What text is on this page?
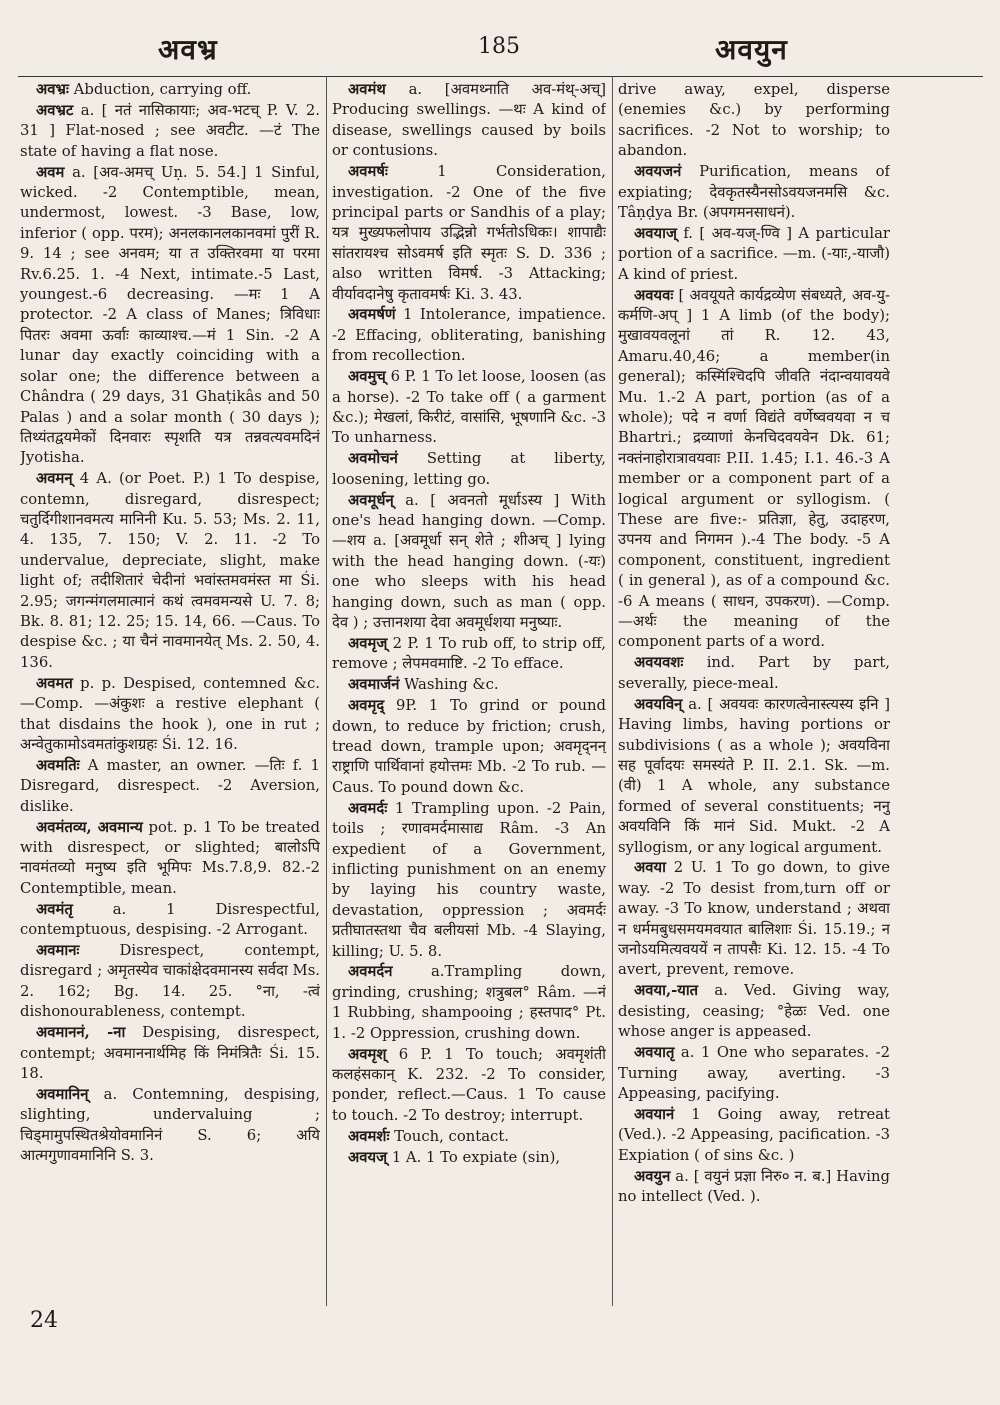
अवभ्र	185	अवयुन

अवभ्रः Abduction, carrying off.

अवभ्रट a. [ नतं नासिकायाः; अव-भटच् P. V. 2. 31 ] Flat-nosed ; see अवटीट. —टं The state of having a flat nose.

अवम a. [अव-अमच् Uṇ. 5. 54.] 1 Sinful, wicked. -2 Contemptible, mean, undermost, lowest. -3 Base, low, inferior ( opp. परम); अनलकानलकानवमां पुरीं R. 9. 14 ; see अनवम; या त उक्तिरवमा या परमा Rv.6.25. 1. -4 Next, intimate.-5 Last, youngest.-6 decreasing. —मः 1 A protector. -2 A class of Manes; त्रिविधाः पितरः अवमा ऊर्वाः काव्याश्च.—मं 1 Sin. -2 A lunar day exactly coinciding with a solar one; the difference between a Chândra ( 29 days, 31 Ghaṭikâs and 50 Palas ) and a solar month ( 30 days ); तिथ्यंतद्वयमेकों दिनवारः स्पृशति यत्र तन्नवत्यवमदिनं Jyotisha.

अवमन् 4 A. (or Poet. P.) 1 To despise, contemn, disregard, disrespect; चतुर्दिगीशानवमत्य मानिनी Ku. 5. 53; Ms. 2. 11, 4. 135, 7. 150; V. 2. 11. -2 To undervalue, depreciate, slight, make light of; तदीशितारं चेदीनां भवांस्तमवमंस्त मा Śi. 2.95; जगन्मंगलमात्मानं कथं त्वमवमन्यसे U. 7. 8; Bk. 8. 81; 12. 25; 15. 14, 66. —Caus. To despise &c. ; या चैनं नावमानयेत् Ms. 2. 50, 4. 136.

अवमत p. p. Despised, contemned &c. —Comp. —अंकुशः a restive elephant ( that disdains the hook ), one in rut ; अन्वेतुकामोऽवमतांकुशग्रहः Śi. 12. 16.

अवमतिः A master, an owner. —तिः f. 1 Disregard, disrespect. -2 Aversion, dislike.

अवमंतव्य, अवमान्य pot. p. 1 To be treated with disrespect, or slighted; बालोऽपि नावमंतव्यो मनुष्य इति भूमिपः Ms.7.8,9. 82.-2 Contemptible, mean.

अवमंतृ	a. 1 Disrespectful, contemptuous, despising. -2 Arrogant.

अवमानः	Disrespect, contempt, disregard ; अमृतस्येव चाकांक्षेदवमानस्य सर्वदा Ms. 2. 162; Bg. 14. 25. °ना, -त्वं dishonourableness, contempt.

अवमाननं, -ना Despising, disrespect, contempt; अवमाननार्थमिह किं निमंत्रितैः Śi. 15. 18.

अवमानिन् a. Contemning, despising, slighting, undervaluing ; चिड्मामुपस्थितश्रेयोवमानिनं S. 6; अयि आत्मगुणावमानिनि S. 3.

अवमंथ a. [अवमथ्नाति अव-मंथ्-अच्] Producing swellings. —थः A kind of disease, swellings caused by boils or contusions.

अवमर्षः	1 Consideration, investigation. -2 One of the five principal parts or Sandhis of a play; यत्र मुख्यफलोपाय उद्भिन्नो गर्भतोऽधिकः। शापाद्यैः सांतरायश्च सोऽवमर्ष इति स्मृतः S. D. 336 ; also written विमर्ष. -3 Attacking; वीर्यावदानेषु कृतावमर्षः Ki. 3. 43.

अवमर्षणं 1 Intolerance, impatience. -2 Effacing, obliterating, banishing from recollection.

अवमुच् 6 P. 1 To let loose, loosen (as a horse). -2 To take off ( a garment &c.); मेखलां, किरीटं, वासांसि, भूषणानि &c. -3 To unharness.

अवमोचनं Setting at liberty, loosening, letting go.

अवमूर्धन् a. [ अवनतो मूर्धाऽस्य ] With one's head hanging down. —Comp. —शय a. [अवमूर्धा सन् शेते ; शीअच् ] lying with the head hanging down. (-यः) one who sleeps with his head hanging down, such as man ( opp. देव ) ; उत्तानशया देवा अवमूर्धशया मनुष्याः.

अवमृज् 2 P. 1 To rub off, to strip off, remove ; लेपमवमाष्टि. -2 To efface.

अवमार्जनं Washing &c.

अवमृद् 9P. 1 To grind or pound down, to reduce by friction; crush, tread down, trample upon; अवमृद्नन् राष्ट्राणि पार्थिवानां हयोत्तमः Mb. -2 To rub. —Caus. To pound down &c.

अवमर्दः 1 Trampling upon. -2 Pain, toils ; रणावमर्दमासाद्य Râm. -3 An expedient of a Government, inflicting punishment on an enemy by laying his country waste, devastation, oppression ; अवमर्दः प्रतीघातस्तथा चैव बलीयसां Mb. -4 Slaying, killing; U. 5. 8.

अवमर्दन	a.Trampling down, grinding, crushing; शत्रुबल° Râm. —नं 1 Rubbing, shampooing ; हस्तपाद° Pt. 1. -2 Oppression, crushing down.

अवमृश् 6 P. 1 To touch; अवमृशंती कलहंसकान् K. 232. -2 To consider, ponder, reflect.—Caus. 1 To cause to touch. -2 To destroy; interrupt.

अवमर्शः Touch, contact.

अवयज् 1 A. 1 To expiate (sin),

drive away, expel, disperse (enemies &c.) by performing sacrifices. -2 Not to worship; to abandon.

अवयजनं Purification, means of expiating; देवकृतस्यैनसोऽवयजनमसि &c. Tâṇḍya Br. (अपगमनसाधनं).

अवयाज् f. [ अव-यज्-ण्वि ] A particular portion of a sacrifice. —m. (-याः,-याजौ) A kind of priest.

अवयवः [ अवयूयते कार्यद्रव्येण संबध्यते, अव-यु-कर्मणि-अप् ] 1 A limb (of the body); मुखावयवलूनां तां R. 12. 43, Amaru.40,46; a member(in general); कस्मिंश्चिदपि जीवति नंदान्वयावयवे Mu. 1.-2 A part, portion (as of a whole); पदे न वर्णा विद्यंते वर्णेष्ववयवा न च Bhartri.; द्रव्याणां केनचिदवयवेन Dk. 61; नक्तंनाहोरात्रावयवाः P.II. 1.45; I.1. 46.-3 A member or a component part of a logical argument or syllogism. ( These are five:- प्रतिज्ञा, हेतु, उदाहरण, उपनय and निगमन ).-4 The body. -5 A component, constituent, ingredient ( in general ), as of a compound &c. -6 A means ( साधन, उपकरण). —Comp. —अर्थः the meaning of the component parts of a word.

अवयवशः ind. Part by part, severally, piece-meal.

अवयविन् a. [ अवयवः कारणत्वेनास्त्यस्य इनि ] Having limbs, having portions or subdivisions ( as a whole ); अवयविना सह पूर्वादयः समस्यंते P. II. 2.1. Sk. —m. (वी) 1 A whole, any substance formed of several constituents; ननु अवयविनि किं मानं Sid. Mukt. -2 A syllogism, or any logical argument.

अवया 2 U. 1 To go down, to give way. -2 To desist from,turn off or away. -3 To know, understand ; अथवा न धर्ममबुधसमयमवयात बालिशाः Śi. 15.19.; न जनोऽयमित्यवययें न तापसैः Ki. 12. 15. -4 To avert, prevent, remove.

अवया,-यात a. Ved. Giving way, desisting, ceasing; °हेळः Ved. one whose anger is appeased.

अवयातृ a. 1 One who separates. -2 Turning away, averting. -3 Appeasing, pacifying.

अवयानं 1 Going away, retreat (Ved.). -2 Appeasing, pacification. -3 Expiation ( of sins &c. )

अवयुन a. [ वयुनं प्रज्ञा निरु० न. ब.] Having no intellect (Ved. ).

24
